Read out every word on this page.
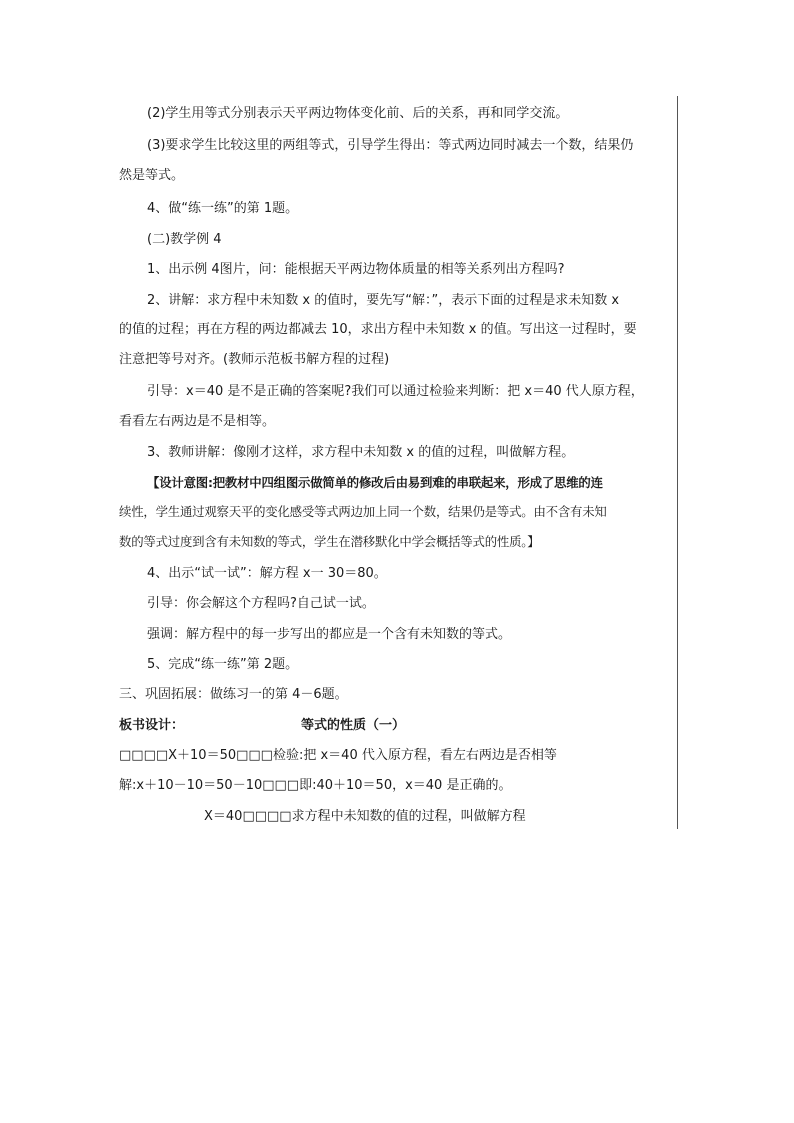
(2)学生用等式分别表示天平两边物体变化前、后的关系，再和同学交流。
(3)要求学生比较这里的两组等式，引导学生得出：等式两边同时减去一个数，结果仍
然是等式。
4、做“练一练”的第 1题。
(二)教学例 4
1、出示例 4图片，问：能根据天平两边物体质量的相等关系列出方程吗?
2、讲解：求方程中未知数 x 的值时，要先写“解：”，表示下面的过程是求未知数 x
的值的过程；再在方程的两边都减去 10，求出方程中未知数 x 的值。写出这一过程时，要
注意把等号对齐。(教师示范板书解方程的过程)
引导：x＝40 是不是正确的答案呢?我们可以通过检验来判断：把 x＝40 代人原方程，
看看左右两边是不是相等。
3、教师讲解：像刚才这样，求方程中未知数 x 的值的过程，叫做解方程。
【设计意图:把教材中四组图示做简单的修改后由易到难的串联起来，形成了思维的连
续性，学生通过观察天平的变化感受等式两边加上同一个数，结果仍是等式。由不含有未知
数的等式过度到含有未知数的等式，学生在潜移默化中学会概括等式的性质。】
4、出示“试一试”：解方程 x一 30＝80。
引导：你会解这个方程吗?自己试一试。
强调：解方程中的每一步写出的都应是一个含有未知数的等式。
5、完成“练一练”第 2题。
三、巩固拓展：做练习一的第 4－6题。
板书设计：	等式的性质（一）
□□□□X＋10＝50□□□检验:把 x＝40 代入原方程，看左右两边是否相等
解:x＋10－10＝50－10□□□即:40＋10＝50，x＝40 是正确的。
X＝40□□□□求方程中未知数的值的过程，叫做解方程
